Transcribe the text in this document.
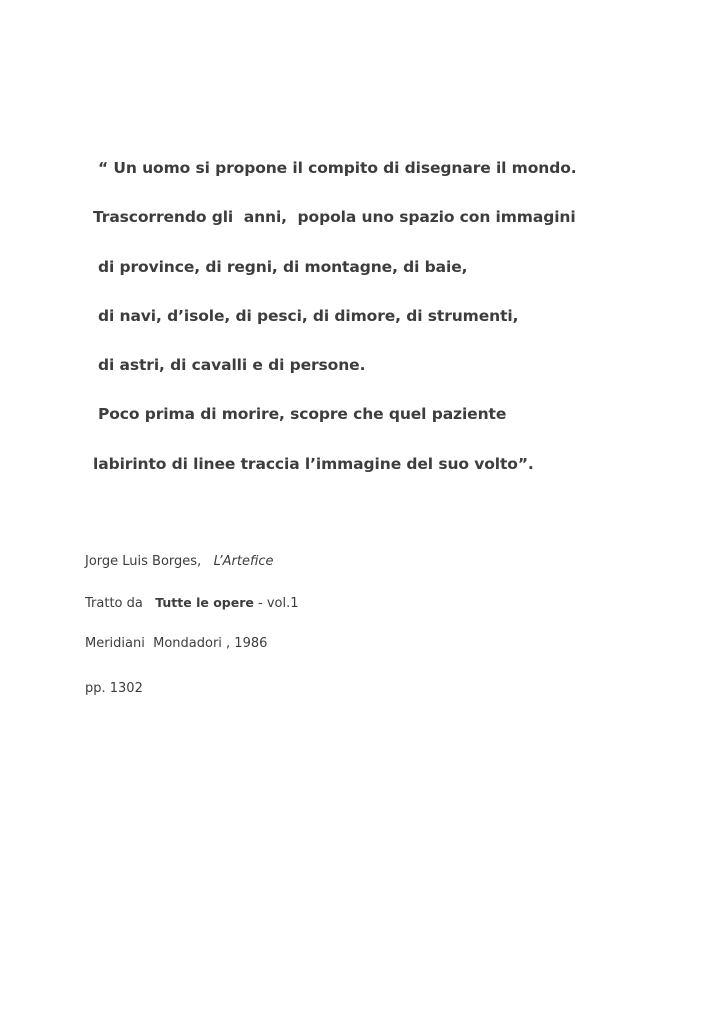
“ Un uomo si propone il compito di disegnare il mondo.
Trascorrendo gli  anni,  popola uno spazio con immagini
di province, di regni, di montagne, di baie,
di navi, d’isole, di pesci, di dimore, di strumenti,
di astri, di cavalli e di persone.
Poco prima di morire, scopre che quel paziente
labirinto di linee traccia l’immagine del suo volto”.
Jorge Luis Borges, L’Artefice
Tratto da Tutte le opere - vol.1
Meridiani  Mondadori , 1986
pp. 1302
